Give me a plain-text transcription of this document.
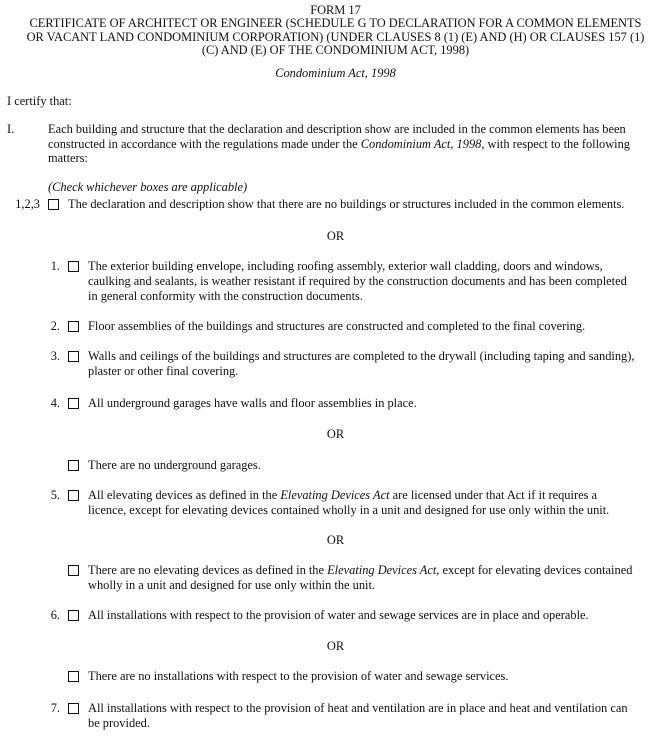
FORM 17
CERTIFICATE OF ARCHITECT OR ENGINEER (SCHEDULE G TO DECLARATION FOR A COMMON ELEMENTS
OR VACANT LAND CONDOMINIUM CORPORATION) (UNDER CLAUSES 8 (1) (E) AND (H) OR CLAUSES 157 (1)
(C) AND (E) OF THE CONDOMINIUM ACT, 1998)
Condominium Act, 1998
I certify that:
I.	Each building and structure that the declaration and description show are included in the common elements has been
constructed in accordance with the regulations made under the Condominium Act, 1998, with respect to the following
matters:
(Check whichever boxes are applicable)
1,2,3 The declaration and description show that there are no buildings or structures included in the common elements.
OR
1. The exterior building envelope, including roofing assembly, exterior wall cladding, doors and windows,
caulking and sealants, is weather resistant if required by the construction documents and has been completed
in general conformity with the construction documents.
2. Floor assemblies of the buildings and structures are constructed and completed to the final covering.
3. Walls and ceilings of the buildings and structures are completed to the drywall (including taping and sanding),
plaster or other final covering.
4. All underground garages have walls and floor assemblies in place.
OR
There are no underground garages.
5. All elevating devices as defined in the Elevating Devices Act are licensed under that Act if it requires a
licence, except for elevating devices contained wholly in a unit and designed for use only within the unit.
OR
There are no elevating devices as defined in the Elevating Devices Act, except for elevating devices contained
wholly in a unit and designed for use only within the unit.
6. All installations with respect to the provision of water and sewage services are in place and operable.
OR
There are no installations with respect to the provision of water and sewage services.
7. All installations with respect to the provision of heat and ventilation are in place and heat and ventilation can
be provided.
